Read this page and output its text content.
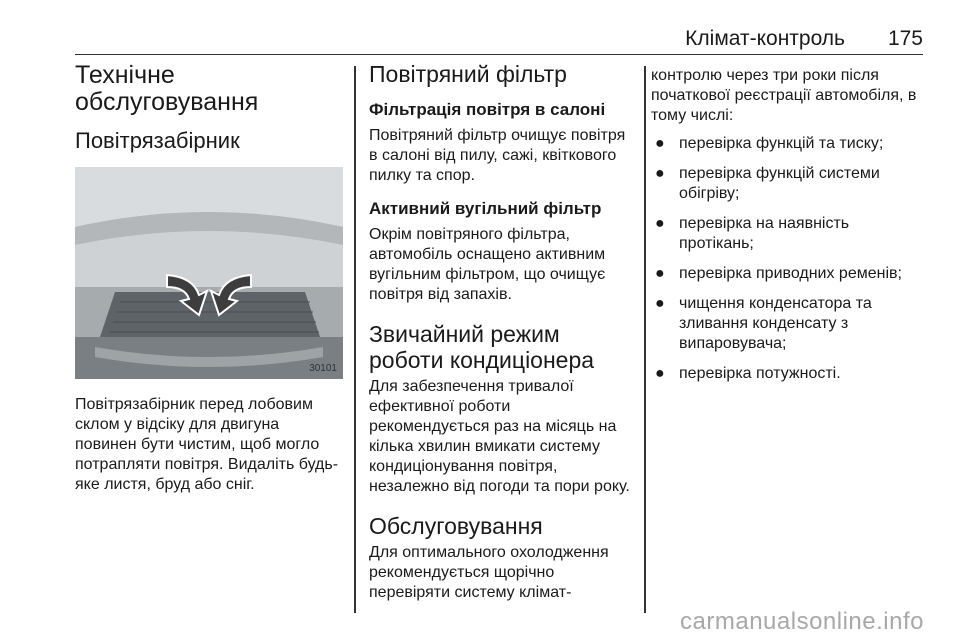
Клімат-контроль 175
Технічне обслуговування
Повітрязабірник
30101

Повітрязабірник перед лобовим склом у відсіку для двигуна повинен бути чистим, щоб могло потрапляти повітря. Видаліть будь-яке листя, бруд або сніг.

Повітряний фільтр
Фільтрація повітря в салоні

Повітряний фільтр очищує повітря в салоні від пилу, сажі, квіткового пилку та спор.

Активний вугільний фільтр

Окрім повітряного фільтра, автомобіль оснащено активним вугільним фільтром, що очищує повітря від запахів.

Звичайний режим роботи кондиціонера

Для забезпечення тривалої ефективної роботи рекомендується раз на місяць на кілька хвилин вмикати систему кондиціонування повітря, незалежно від погоди та пори року.

Обслуговування

Для оптимального охолодження рекомендується щорічно перевіряти систему клімат-

контролю через три роки після початкової реєстрації автомобіля, в тому числі:

● перевірка функцій та тиску;
● перевірка функцій системи обігріву;
● перевірка на наявність протікань;
● перевірка приводних ременів;
● чищення конденсатора та зливання конденсату з випаровувача;
● перевірка потужності.
carmanualsonline.info
